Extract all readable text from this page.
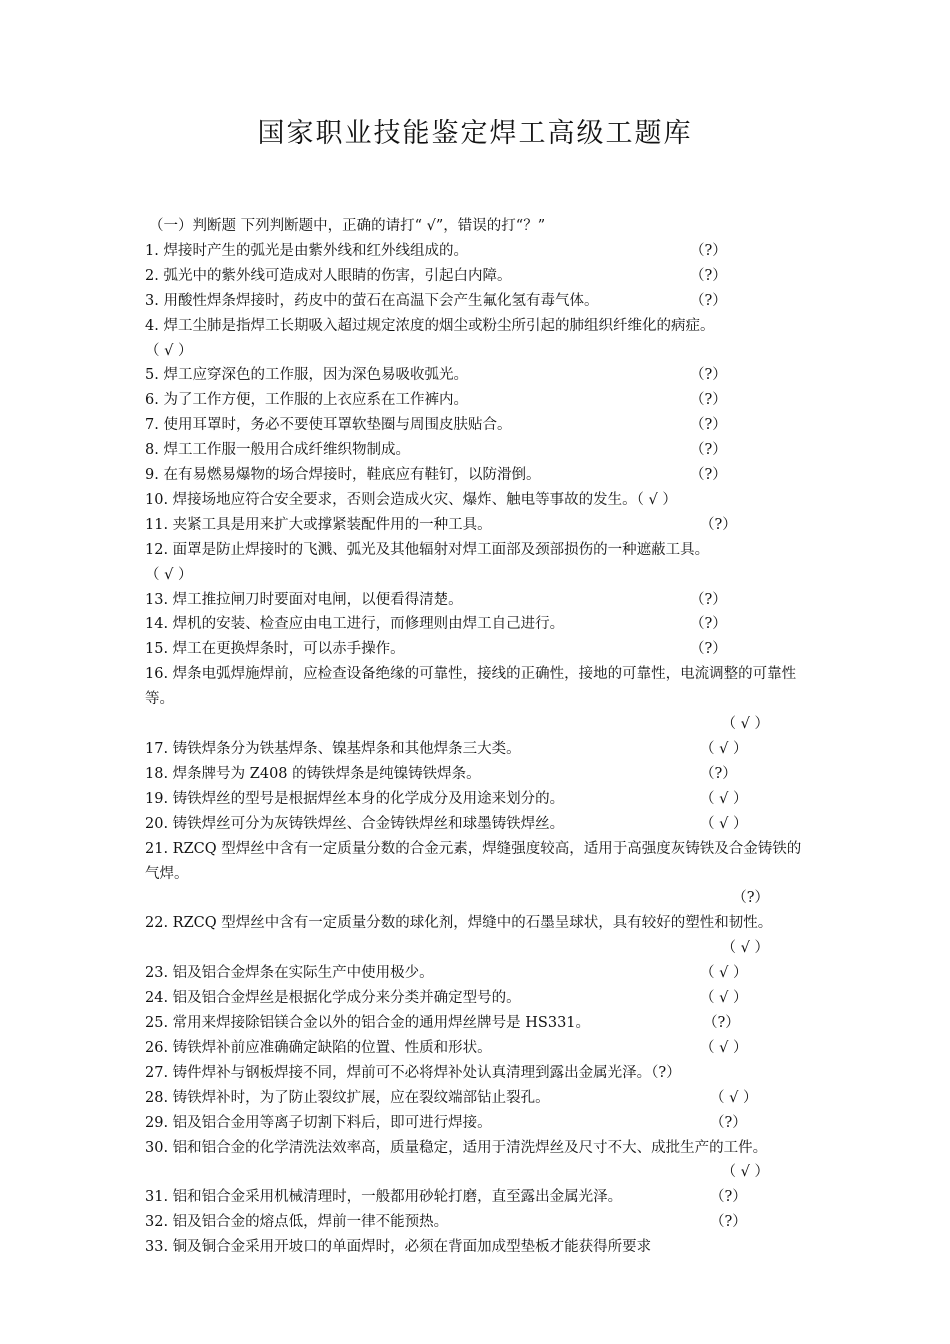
国家职业技能鉴定焊工高级工题库

（一）判断题 下列判断题中，正确的请打“ √”，错误的打“？”

1. 焊接时产生的弧光是由紫外线和红外线组成的。	（?）
2. 弧光中的紫外线可造成对人眼睛的伤害，引起白内障。	（?）
3. 用酸性焊条焊接时，药皮中的萤石在高温下会产生氟化氢有毒气体。	（?）
4. 焊工尘肺是指焊工长期吸入超过规定浓度的烟尘或粉尘所引起的肺组织纤维化的病症。
（ √ ）
5. 焊工应穿深色的工作服，因为深色易吸收弧光。	（?）
6. 为了工作方便，工作服的上衣应系在工作裤内。	（?）
7. 使用耳罩时，务必不要使耳罩软垫圈与周围皮肤贴合。	（?）
8. 焊工工作服一般用合成纤维织物制成。	（?）
9. 在有易燃易爆物的场合焊接时，鞋底应有鞋钉，以防滑倒。	（?）
10. 焊接场地应符合安全要求，否则会造成火灾、爆炸、触电等事故的发生。（ √ ）
11. 夹紧工具是用来扩大或撑紧装配件用的一种工具。	（?）
12. 面罩是防止焊接时的飞溅、弧光及其他辐射对焊工面部及颈部损伤的一种遮蔽工具。
（ √ ）
13. 焊工推拉闸刀时要面对电闸，以便看得清楚。	（?）
14. 焊机的安装、检查应由电工进行，而修理则由焊工自己进行。	（?）
15. 焊工在更换焊条时，可以赤手操作。	（?）
16. 焊条电弧焊施焊前，应检查设备绝缘的可靠性，接线的正确性，接地的可靠性，电流调整的可靠性等。
（ √ ）
17. 铸铁焊条分为铁基焊条、镍基焊条和其他焊条三大类。	（ √ ）
18. 焊条牌号为 Z408 的铸铁焊条是纯镍铸铁焊条。	（?）
19. 铸铁焊丝的型号是根据焊丝本身的化学成分及用途来划分的。	（ √ ）
20. 铸铁焊丝可分为灰铸铁焊丝、合金铸铁焊丝和球墨铸铁焊丝。	（ √ ）
21. RZCQ 型焊丝中含有一定质量分数的合金元素，焊缝强度较高，适用于高强度灰铸铁及合金铸铁的气焊。
（?）
22. RZCQ 型焊丝中含有一定质量分数的球化剂，焊缝中的石墨呈球状，具有较好的塑性和韧性。
（ √ ）
23. 铝及铝合金焊条在实际生产中使用极少。	（ √ ）
24. 铝及铝合金焊丝是根据化学成分来分类并确定型号的。	（ √ ）
25. 常用来焊接除铝镁合金以外的铝合金的通用焊丝牌号是 HS331。	（?）
26. 铸铁焊补前应准确确定缺陷的位置、性质和形状。	（ √ ）
27. 铸件焊补与钢板焊接不同，焊前可不必将焊补处认真清理到露出金属光泽。（?）
28. 铸铁焊补时，为了防止裂纹扩展，应在裂纹端部钻止裂孔。	（ √ ）
29. 铝及铝合金用等离子切割下料后，即可进行焊接。	（?）
30. 铝和铝合金的化学清洗法效率高，质量稳定，适用于清洗焊丝及尺寸不大、成批生产的工件。
（ √ ）
31. 铝和铝合金采用机械清理时，一般都用砂轮打磨，直至露出金属光泽。	（?）
32. 铝及铝合金的熔点低，焊前一律不能预热。	（?）
33. 铜及铜合金采用开坡口的单面焊时，必须在背面加成型垫板才能获得所要求
